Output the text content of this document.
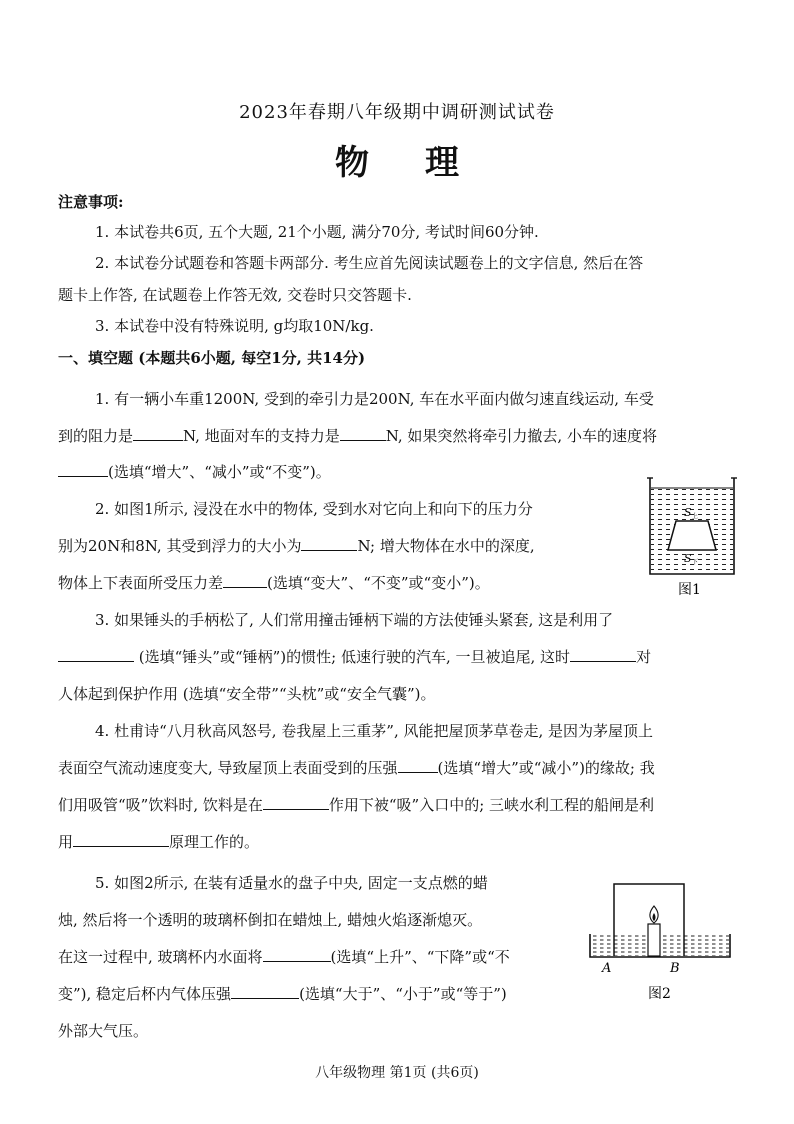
2023年春期八年级期中调研测试试卷
物理
注意事项:
1. 本试卷共6页, 五个大题, 21个小题, 满分70分, 考试时间60分钟.
2. 本试卷分试题卷和答题卡两部分. 考生应首先阅读试题卷上的文字信息, 然后在答
题卡上作答, 在试题卷上作答无效, 交卷时只交答题卡.
3. 本试卷中没有特殊说明, g均取10N/kg.
一、填空题 (本题共6小题, 每空1分, 共14分)
1. 有一辆小车重1200N, 受到的牵引力是200N, 车在水平面内做匀速直线运动, 车受
到的阻力是	N, 地面对车的支持力是	N, 如果突然将牵引力撤去, 小车的速度将
(选填“增大”、“减小”或“不变”)。
2. 如图1所示, 浸没在水中的物体, 受到水对它向上和向下的压力分
别为20N和8N, 其受到浮力的大小为	N; 增大物体在水中的深度,
物体上下表面所受压力差	(选填“变大”、“不变”或“变小”)。
S 上
S 下
图1
3. 如果锤头的手柄松了, 人们常用撞击锤柄下端的方法使锤头紧套, 这是利用了
(选填“锤头”或“锤柄”)的惯性; 低速行驶的汽车, 一旦被追尾, 这时	对
人体起到保护作用 (选填“安全带”“头枕”或“安全气囊”)。
4. 杜甫诗“八月秋高风怒号, 卷我屋上三重茅”, 风能把屋顶茅草卷走, 是因为茅屋顶上
表面空气流动速度变大, 导致屋顶上表面受到的压强	(选填“增大”或“减小”)的缘故; 我
们用吸管“吸”饮料时, 饮料是在	作用下被“吸”入口中的; 三峡水利工程的船闸是利
用	原理工作的。
5. 如图2所示, 在装有适量水的盘子中央, 固定一支点燃的蜡
烛, 然后将一个透明的玻璃杯倒扣在蜡烛上, 蜡烛火焰逐渐熄灭。
在这一过程中, 玻璃杯内水面将	(选填“上升”、“下降”或“不
变”), 稳定后杯内气体压强	(选填“大于”、“小于”或“等于”)
外部大气压。
A	B
图2
八年级物理 第1页 (共6页)
